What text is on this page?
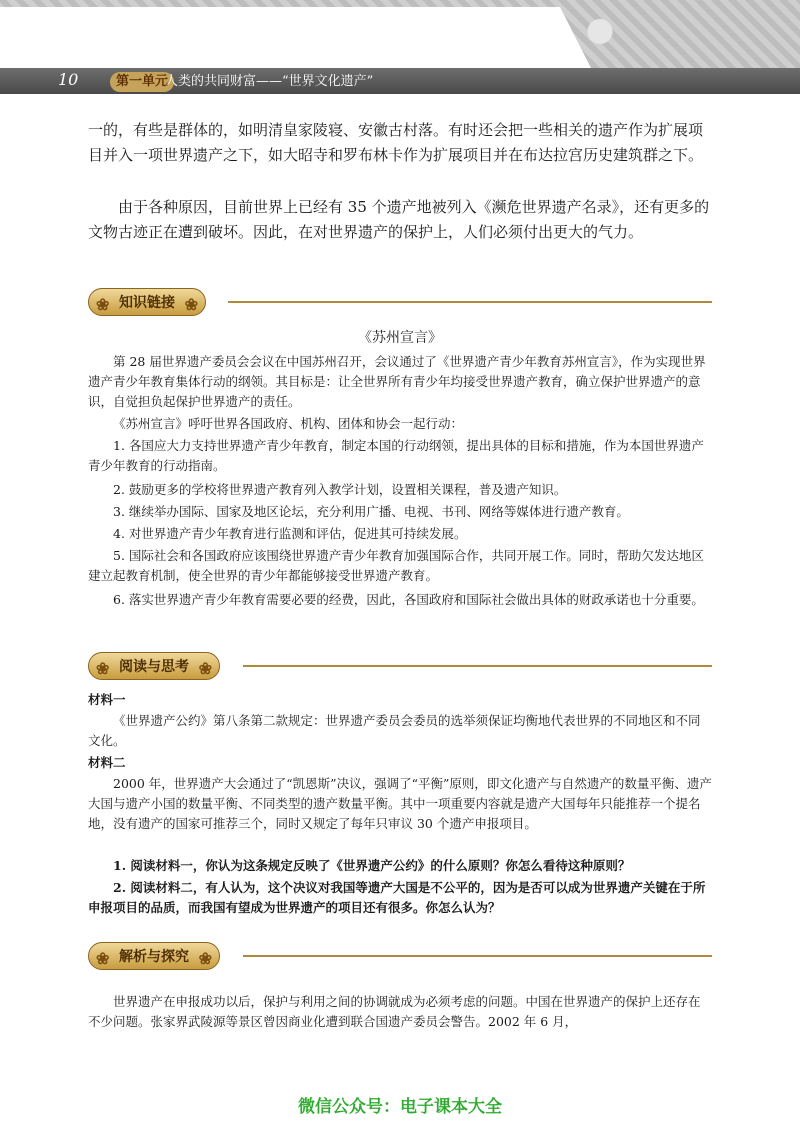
10	第一单元
人类的共同财富——“世界文化遗产”
一的，有些是群体的，如明清皇家陵寝、安徽古村落。有时还会把一些相关的遗产作为扩展项目并入一项世界遗产之下，如大昭寺和罗布林卡作为扩展项目并在布达拉宫历史建筑群之下。
由于各种原因，目前世界上已经有 35 个遗产地被列入《濒危世界遗产名录》，还有更多的文物古迹正在遭到破坏。因此，在对世界遗产的保护上，人们必须付出更大的气力。
❀ 知识链接 ❀
《苏州宣言》
第 28 届世界遗产委员会会议在中国苏州召开，会议通过了《世界遗产青少年教育苏州宣言》，作为实现世界遗产青少年教育集体行动的纲领。其目标是：让全世界所有青少年均接受世界遗产教育，确立保护世界遗产的意识，自觉担负起保护世界遗产的责任。
《苏州宣言》呼吁世界各国政府、机构、团体和协会一起行动：
1. 各国应大力支持世界遗产青少年教育，制定本国的行动纲领，提出具体的目标和措施，作为本国世界遗产青少年教育的行动指南。
2. 鼓励更多的学校将世界遗产教育列入教学计划，设置相关课程，普及遗产知识。
3. 继续举办国际、国家及地区论坛，充分利用广播、电视、书刊、网络等媒体进行遗产教育。
4. 对世界遗产青少年教育进行监测和评估，促进其可持续发展。
5. 国际社会和各国政府应该围绕世界遗产青少年教育加强国际合作，共同开展工作。同时，帮助欠发达地区建立起教育机制，使全世界的青少年都能够接受世界遗产教育。
6. 落实世界遗产青少年教育需要必要的经费，因此，各国政府和国际社会做出具体的财政承诺也十分重要。
❀ 阅读与思考 ❀
材料一
《世界遗产公约》第八条第二款规定：世界遗产委员会委员的选举须保证均衡地代表世界的不同地区和不同文化。
材料二
2000 年，世界遗产大会通过了“凯恩斯”决议，强调了“平衡”原则，即文化遗产与自然遗产的数量平衡、遗产大国与遗产小国的数量平衡、不同类型的遗产数量平衡。其中一项重要内容就是遗产大国每年只能推荐一个提名地，没有遗产的国家可推荐三个，同时又规定了每年只审议 30 个遗产申报项目。
1. 阅读材料一，你认为这条规定反映了《世界遗产公约》的什么原则？你怎么看待这种原则？
2. 阅读材料二，有人认为，这个决议对我国等遗产大国是不公平的，因为是否可以成为世界遗产关键在于所申报项目的品质，而我国有望成为世界遗产的项目还有很多。你怎么认为？
❀ 解析与探究 ❀
世界遗产在申报成功以后，保护与利用之间的协调就成为必须考虑的问题。中国在世界遗产的保护上还存在不少问题。张家界武陵源等景区曾因商业化遭到联合国遗产委员会警告。2002 年 6 月，
微信公众号：电子课本大全
